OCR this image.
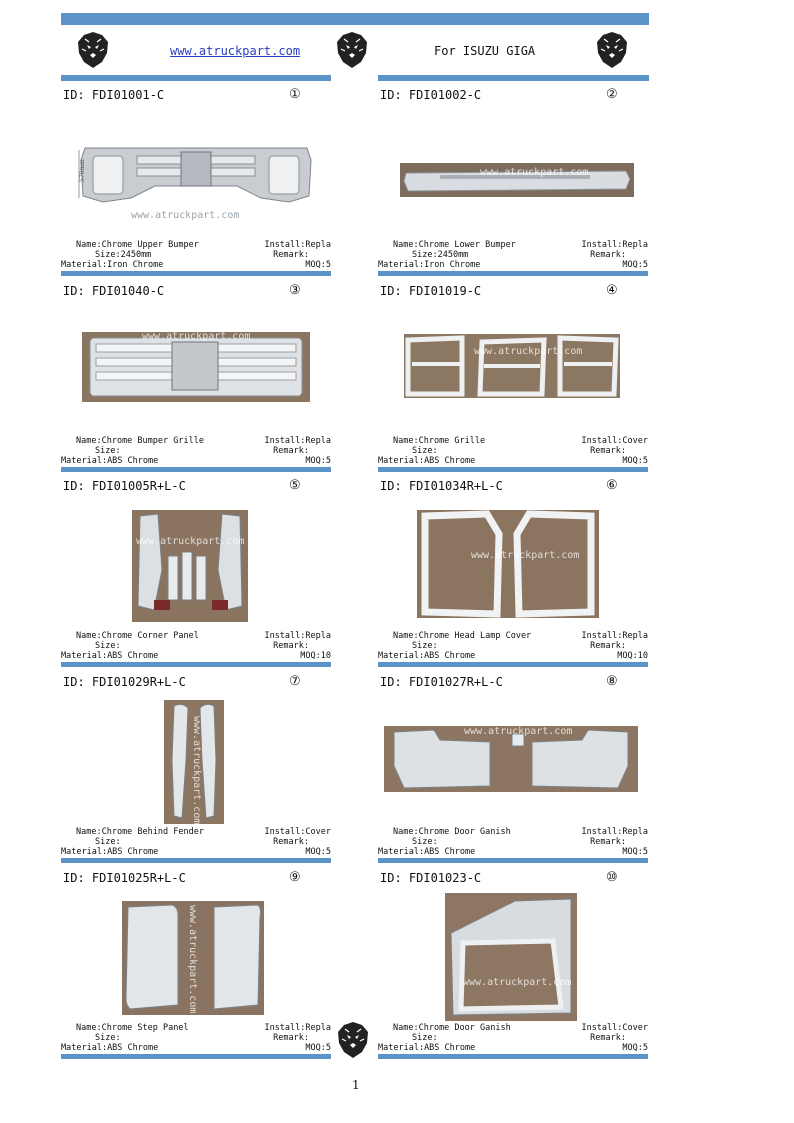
www.atruckpart.com	For ISUZU GIGA
ID: FDI01001-C	①
570mm
www.atruckpart.com
Name:Chrome Upper Bumper	Install:Repla
Size:2450mm	Remark:
Material:Iron Chrome	MOQ:5
ID: FDI01002-C	②
www.atruckpart.com
Name:Chrome Lower Bumper	Install:Repla
Size:2450mm	Remark:
Material:Iron Chrome	MOQ:5
ID: FDI01040-C	③
www.atruckpart.com
Name:Chrome Bumper Grille	Install:Repla
Size:	Remark:
Material:ABS Chrome	MOQ:5
ID: FDI01019-C	④
www.atruckpart.com
Name:Chrome Grille	Install:Cover
Size:	Remark:
Material:ABS Chrome	MOQ:5
ID: FDI01005R+L-C	⑤
www.atruckpart.com
Name:Chrome Corner Panel	Install:Repla
Size:	Remark:
Material:ABS Chrome	MOQ:10
ID: FDI01034R+L-C	⑥
www.atruckpart.com
Name:Chrome Head Lamp Cover	Install:Repla
Size:	Remark:
Material:ABS Chrome	MOQ:10
ID: FDI01029R+L-C	⑦
www.atruckpart.com
Name:Chrome Behind Fender	Install:Cover
Size:	Remark:
Material:ABS Chrome	MOQ:5
ID: FDI01027R+L-C	⑧
www.atruckpart.com
Name:Chrome Door Ganish	Install:Repla
Size:	Remark:
Material:ABS Chrome	MOQ:5
ID: FDI01025R+L-C	⑨
www.atruckpart.com
Name:Chrome Step Panel	Install:Repla
Size:	Remark:
Material:ABS Chrome	MOQ:5
ID: FDI01023-C	⑩
www.atruckpart.com
Name:Chrome Door Ganish	Install:Cover
Size:	Remark:
Material:ABS Chrome	MOQ:5
1
